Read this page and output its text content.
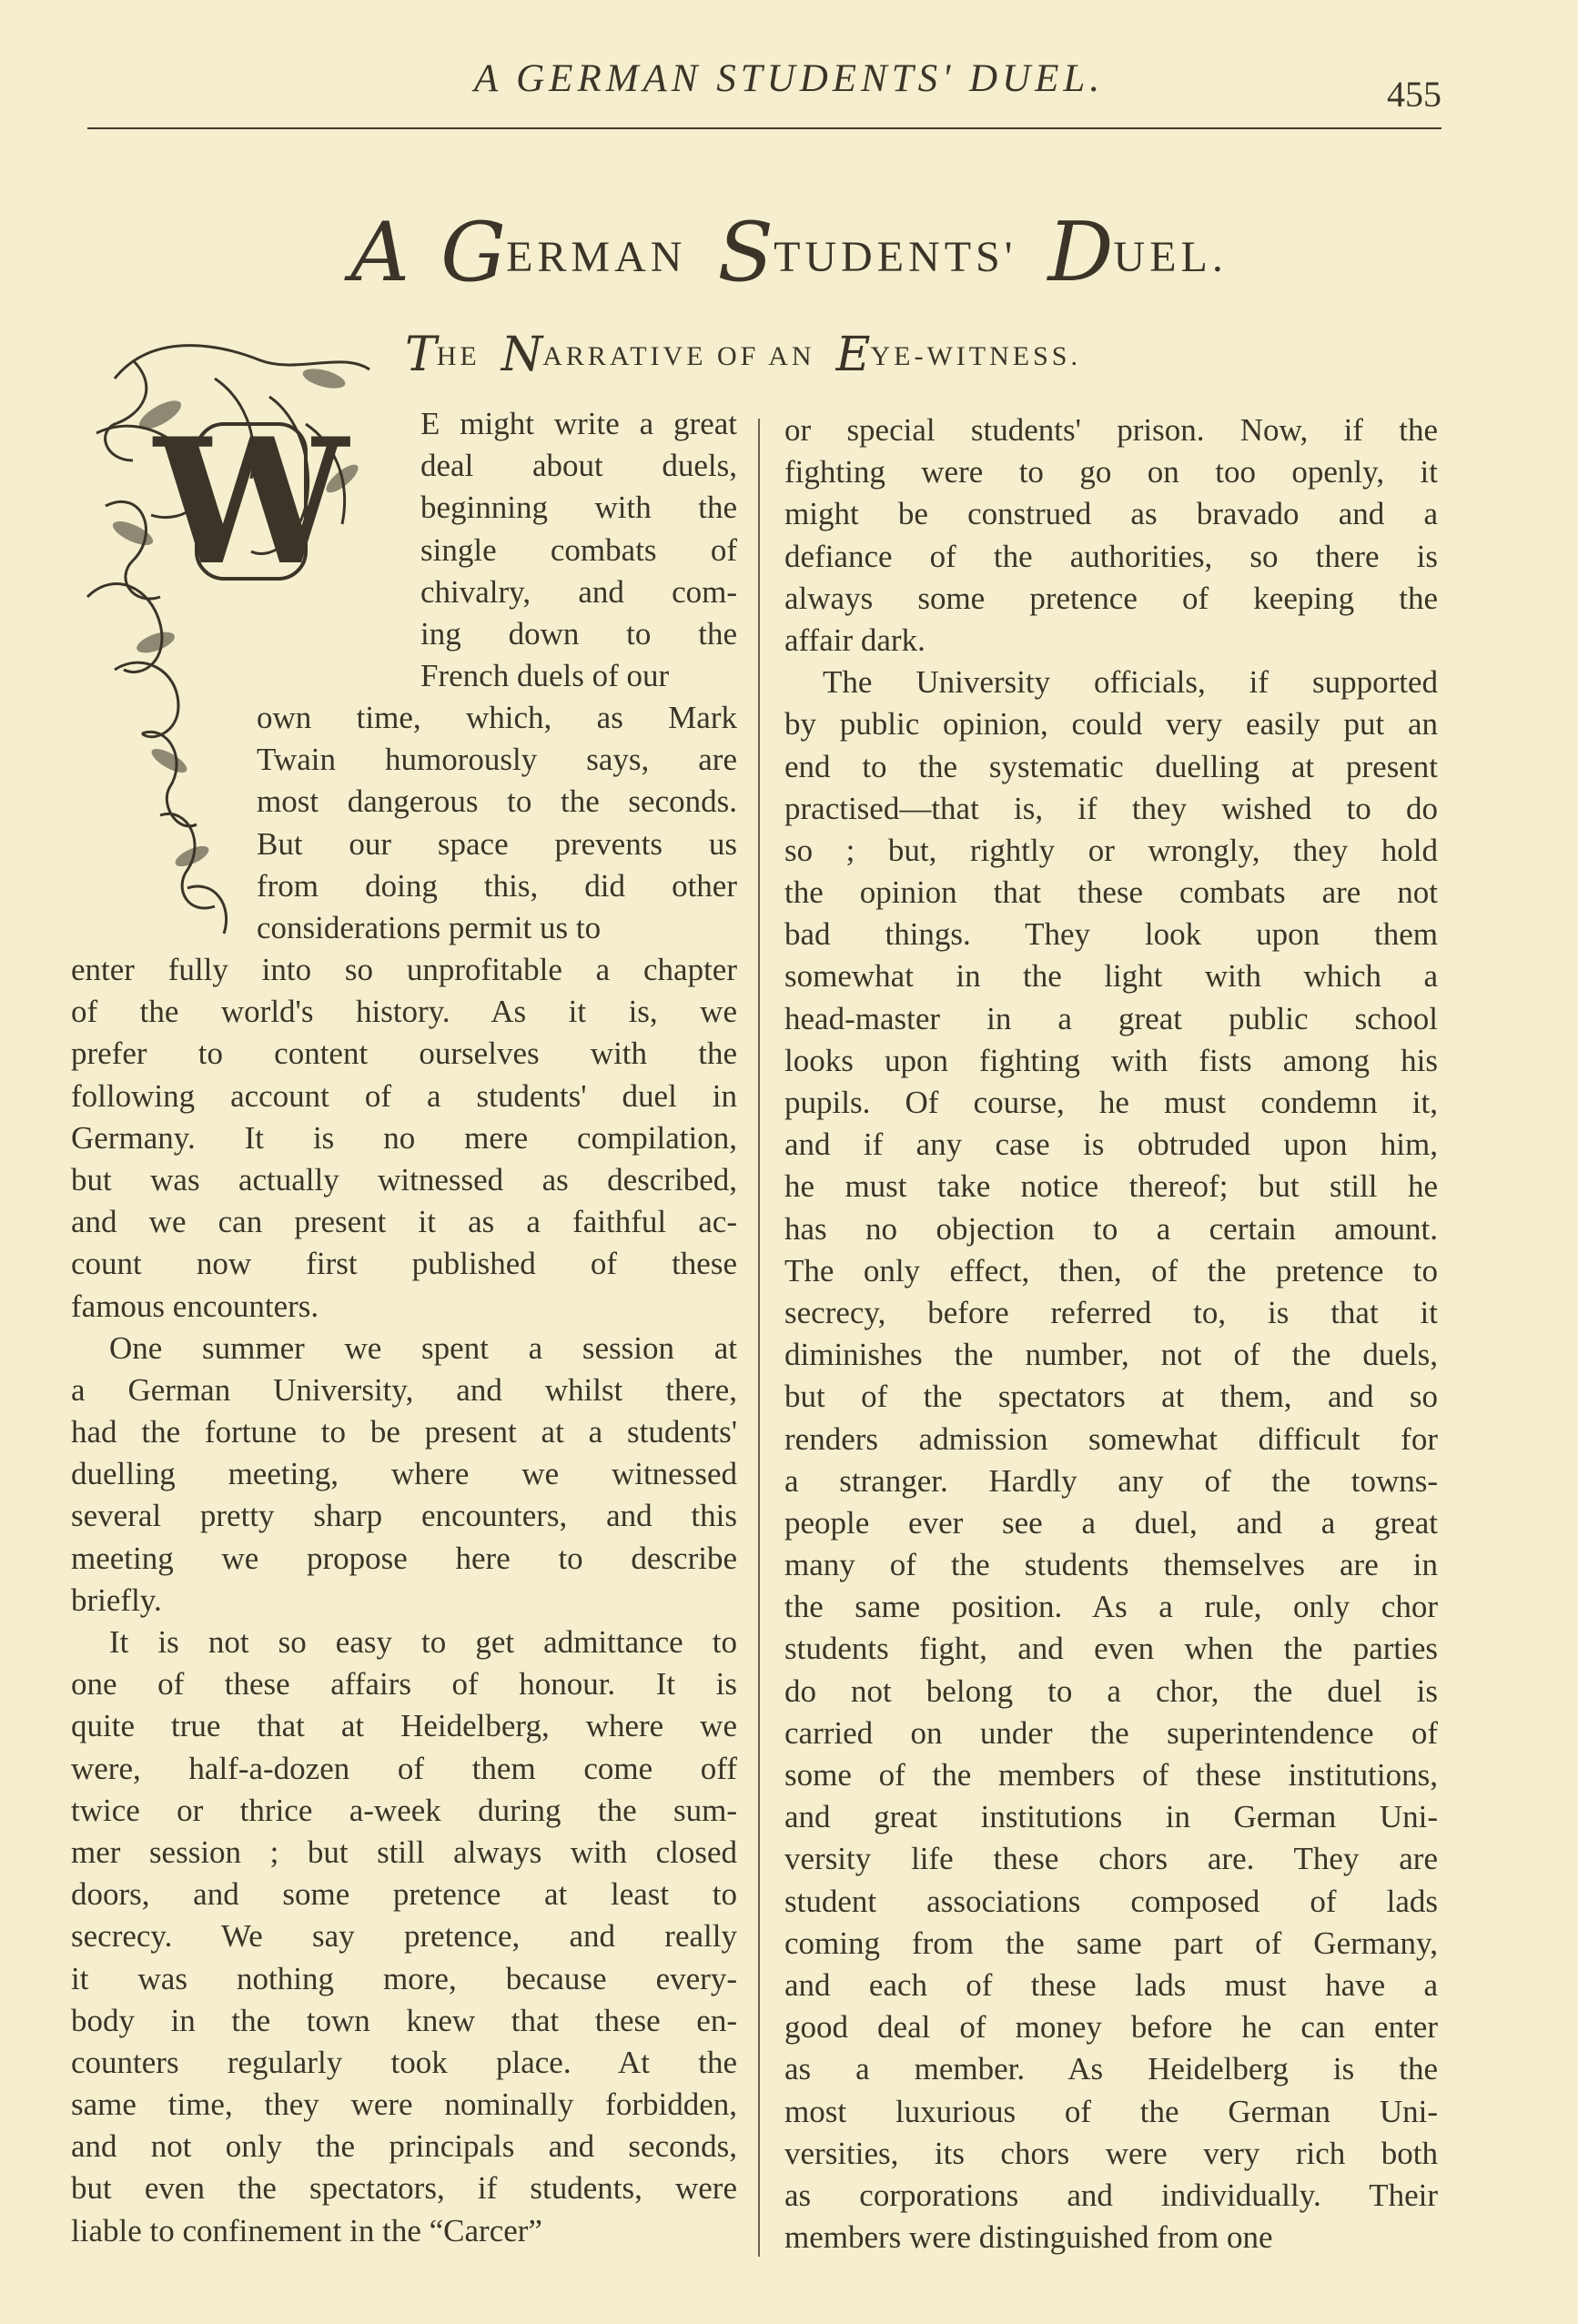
A GERMAN STUDENTS' DUEL.	455
A GERMAN STUDENTS' DUEL.
THE NARRATIVE OF AN EYE-WITNESS.
W E might write a great
deal about duels,
beginning with the
single combats of
chivalry, and com-
ing down to the
French duels of our
own time, which, as Mark
Twain humorously says, are
most dangerous to the seconds.
But our space prevents us
from doing this, did other
considerations permit us to
enter fully into so unprofitable a chapter
of the world's history. As it is, we
prefer to content ourselves with the
following account of a students' duel in
Germany. It is no mere compilation,
but was actually witnessed as described,
and we can present it as a faithful ac-
count now first published of these
famous encounters.
One summer we spent a session at
a German University, and whilst there,
had the fortune to be present at a students'
duelling meeting, where we witnessed
several pretty sharp encounters, and this
meeting we propose here to describe
briefly.
It is not so easy to get admittance to
one of these affairs of honour. It is
quite true that at Heidelberg, where we
were, half-a-dozen of them come off
twice or thrice a-week during the sum-
mer session ; but still always with closed
doors, and some pretence at least to
secrecy. We say pretence, and really
it was nothing more, because every-
body in the town knew that these en-
counters regularly took place. At the
same time, they were nominally forbidden,
and not only the principals and seconds,
but even the spectators, if students, were
liable to confinement in the “Carcer”
or special students' prison. Now, if the
fighting were to go on too openly, it
might be construed as bravado and a
defiance of the authorities, so there is
always some pretence of keeping the
affair dark.
The University officials, if supported
by public opinion, could very easily put an
end to the systematic duelling at present
practised—that is, if they wished to do
so ; but, rightly or wrongly, they hold
the opinion that these combats are not
bad things. They look upon them
somewhat in the light with which a
head-master in a great public school
looks upon fighting with fists among his
pupils. Of course, he must condemn it,
and if any case is obtruded upon him,
he must take notice thereof; but still he
has no objection to a certain amount.
The only effect, then, of the pretence to
secrecy, before referred to, is that it
diminishes the number, not of the duels,
but of the spectators at them, and so
renders admission somewhat difficult for
a stranger. Hardly any of the towns-
people ever see a duel, and a great
many of the students themselves are in
the same position. As a rule, only chor
students fight, and even when the parties
do not belong to a chor, the duel is
carried on under the superintendence of
some of the members of these institutions,
and great institutions in German Uni-
versity life these chors are. They are
student associations composed of lads
coming from the same part of Germany,
and each of these lads must have a
good deal of money before he can enter
as a member. As Heidelberg is the
most luxurious of the German Uni-
versities, its chors were very rich both
as corporations and individually. Their
members were distinguished from one
